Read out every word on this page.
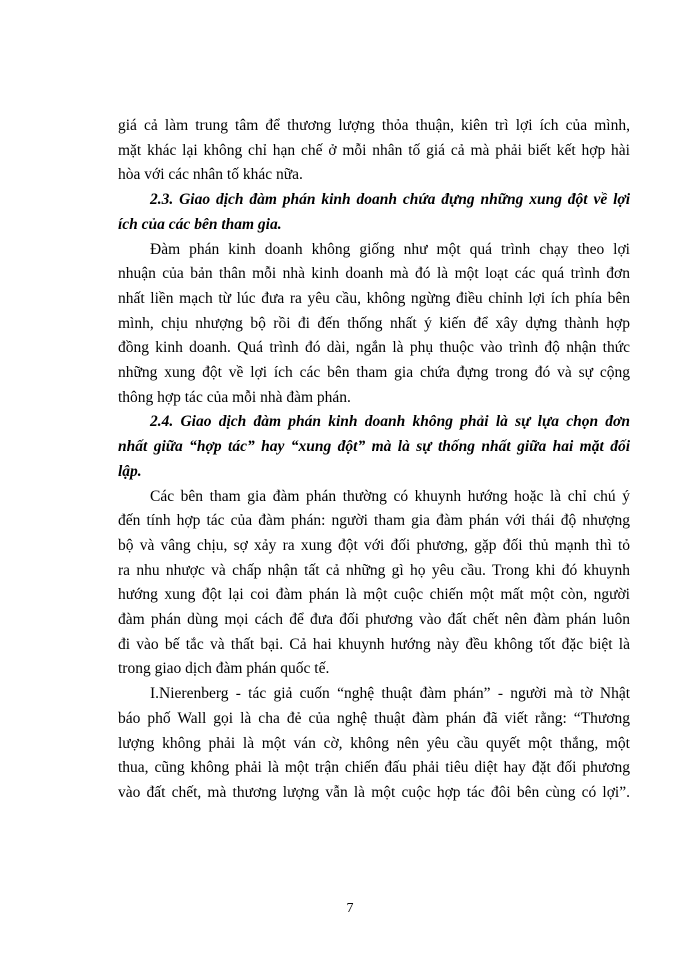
giá cả làm trung tâm để thương lượng thỏa thuận, kiên trì lợi ích của mình,
mặt khác lại không chỉ hạn chế ở mỗi nhân tố giá cả mà phải biết kết hợp hài
hòa với các nhân tố khác nữa.
2.3. Giao dịch đàm phán kinh doanh chứa đựng những xung đột về lợi
ích của các bên tham gia.
Đàm phán kinh doanh không giống như một quá trình chạy theo lợi
nhuận của bản thân mỗi nhà kinh doanh mà đó là một loạt các quá trình đơn
nhất liền mạch từ lúc đưa ra yêu cầu, không ngừng điều chỉnh lợi ích phía bên
mình, chịu nhượng bộ rồi đi đến thống nhất ý kiến để xây dựng thành hợp
đồng kinh doanh. Quá trình đó dài, ngắn là phụ thuộc vào trình độ nhận thức
những xung đột về lợi ích các bên tham gia chứa đựng trong đó và sự cộng
thông hợp tác của mỗi nhà đàm phán.
2.4. Giao dịch đàm phán kinh doanh không phải là sự lựa chọn đơn
nhất giữa “hợp tác” hay “xung đột” mà là sự thống nhất giữa hai mặt đối
lập.
Các bên tham gia đàm phán thường có khuynh hướng hoặc là chỉ chú ý
đến tính hợp tác của đàm phán: người tham gia đàm phán với thái độ nhượng
bộ và vâng chịu, sợ xảy ra xung đột với đối phương, gặp đối thủ mạnh thì tỏ
ra nhu nhược và chấp nhận tất cả những gì họ yêu cầu. Trong khi đó khuynh
hướng xung đột lại coi đàm phán là một cuộc chiến một mất một còn, người
đàm phán dùng mọi cách để đưa đối phương vào đất chết nên đàm phán luôn
đi vào bế tắc và thất bại. Cả hai khuynh hướng này đều không tốt đặc biệt là
trong giao dịch đàm phán quốc tế.
I.Nierenberg - tác giả cuốn “nghệ thuật đàm phán” - người mà tờ Nhật
báo phố Wall gọi là cha đẻ của nghệ thuật đàm phán đã viết rằng: “Thương
lượng không phải là một ván cờ, không nên yêu cầu quyết một thắng, một
thua, cũng không phải là một trận chiến đấu phải tiêu diệt hay đặt đối phương
vào đất chết, mà thương lượng vẫn là một cuộc hợp tác đôi bên cùng có lợi”.
7
